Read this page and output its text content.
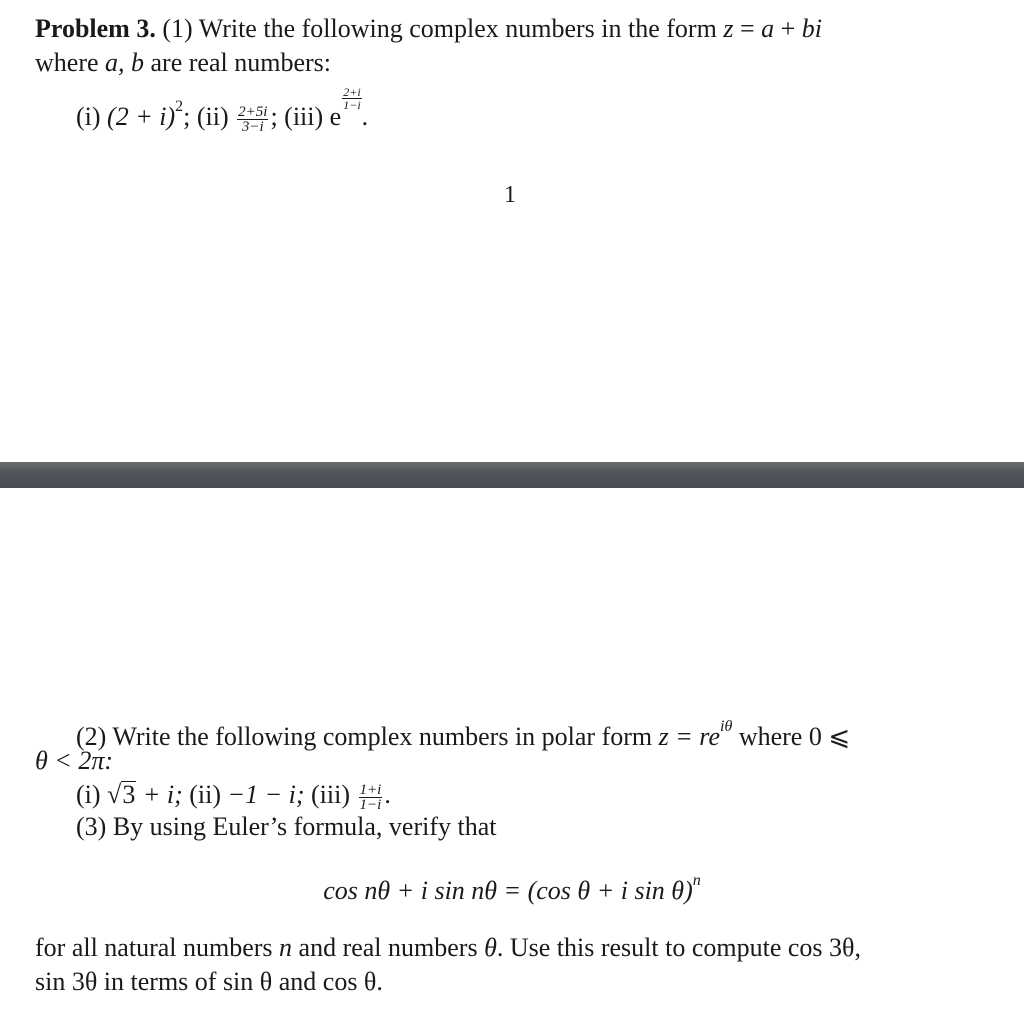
Problem 3. (1) Write the following complex numbers in the form z = a + bi
where a, b are real numbers:
(i) $(2 + i)^2$; $(ii) \frac{2+5i}{3-i}$ ; (iii) e
$\frac{2+i}{1-i}$
.
1
(2) Write the following complex numbers in polar form $z = re^{i\theta}$ where 0 ⩽
θ < 2π:
(i) √3 + i; (ii) −1 − i; $(iii) \frac{1+i}{1-i}$ .
(3) By using Euler’s formula, verify that
cos nθ + i sin nθ = (cos θ + i sin θ)$^n$
for all natural numbers n and real numbers θ. Use this result to compute cos 3θ,
sin 3θ in terms of sin θ and cos θ.
